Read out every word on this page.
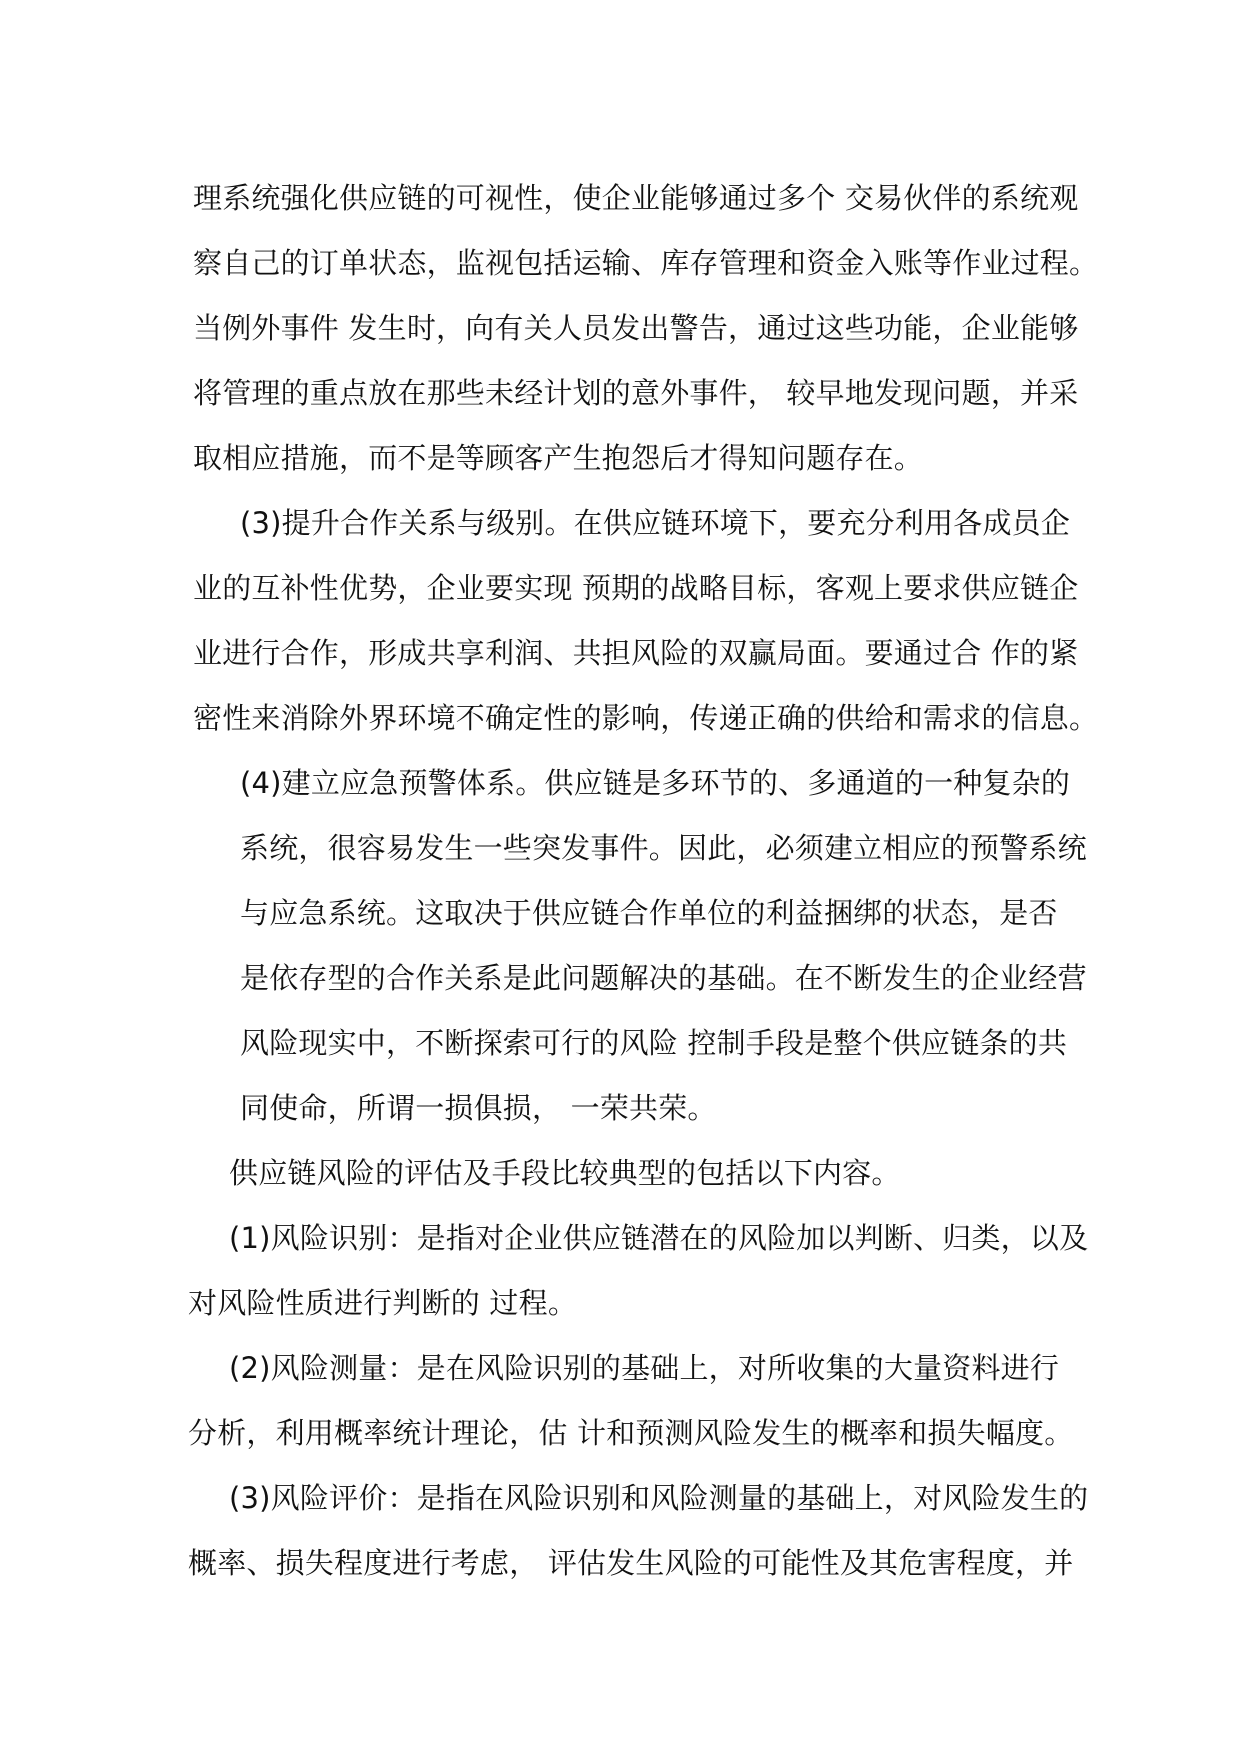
理系统强化供应链的可视性，使企业能够通过多个 交易伙伴的系统观
察自己的订单状态，监视包括运输、库存管理和资金入账等作业过程。
当例外事件 发生时，向有关人员发出警告，通过这些功能，企业能够
将管理的重点放在那些未经计划的意外事件， 较早地发现问题，并采
取相应措施，而不是等顾客产生抱怨后才得知问题存在。
(3)提升合作关系与级别。在供应链环境下，要充分利用各成员企
业的互补性优势，企业要实现 预期的战略目标，客观上要求供应链企
业进行合作，形成共享利润、共担风险的双赢局面。要通过合 作的紧
密性来消除外界环境不确定性的影响，传递正确的供给和需求的信息。
(4)建立应急预警体系。供应链是多环节的、多通道的一种复杂的
系统，很容易发生一些突发事件。因此，必须建立相应的预警系统
与应急系统。这取决于供应链合作单位的利益捆绑的状态，是否
是依存型的合作关系是此问题解决的基础。在不断发生的企业经营
风险现实中，不断探索可行的风险 控制手段是整个供应链条的共
同使命，所谓一损俱损， 一荣共荣。
供应链风险的评估及手段比较典型的包括以下内容。
(1)风险识别：是指对企业供应链潜在的风险加以判断、归类，以及
对风险性质进行判断的 过程。
(2)风险测量：是在风险识别的基础上，对所收集的大量资料进行
分析，利用概率统计理论，估 计和预测风险发生的概率和损失幅度。
(3)风险评价：是指在风险识别和风险测量的基础上，对风险发生的
概率、损失程度进行考虑， 评估发生风险的可能性及其危害程度，并
